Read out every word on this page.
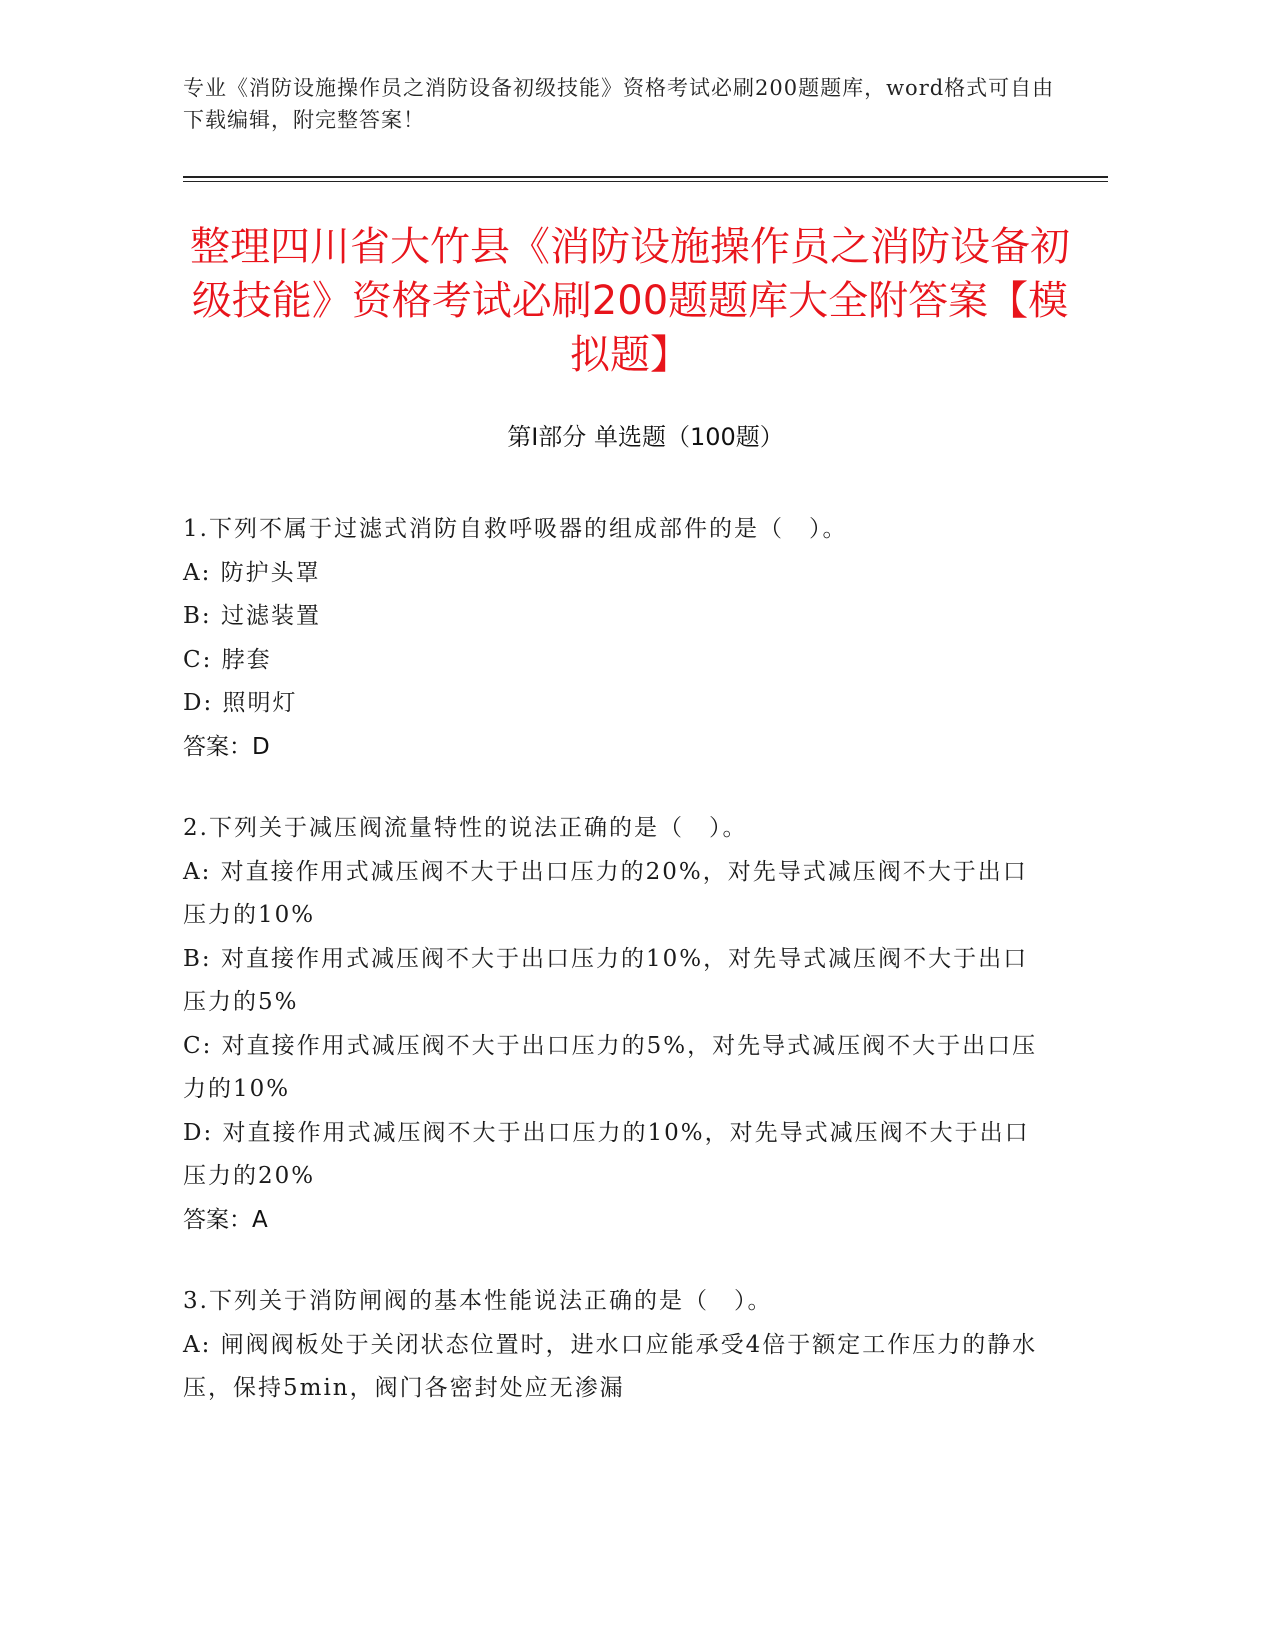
专业《消防设施操作员之消防设备初级技能》资格考试必刷200题题库，word格式可自由下载编辑，附完整答案！
整理四川省大竹县《消防设施操作员之消防设备初级技能》资格考试必刷200题题库大全附答案【模拟题】
第Ⅰ部分 单选题（100题）

1.下列不属于过滤式消防自救呼吸器的组成部件的是（　）。

A: 防护头罩

B: 过滤装置

C: 脖套

D: 照明灯

答案：D

2.下列关于减压阀流量特性的说法正确的是（　）。

A: 对直接作用式减压阀不大于出口压力的20%，对先导式减压阀不大于出口压力的10%

B: 对直接作用式减压阀不大于出口压力的10%，对先导式减压阀不大于出口压力的5%

C: 对直接作用式减压阀不大于出口压力的5%，对先导式减压阀不大于出口压力的10%

D: 对直接作用式减压阀不大于出口压力的10%，对先导式减压阀不大于出口压力的20%

答案：A

3.下列关于消防闸阀的基本性能说法正确的是（　）。

A: 闸阀阀板处于关闭状态位置时，进水口应能承受4倍于额定工作压力的静水压，保持5min，阀门各密封处应无渗漏
